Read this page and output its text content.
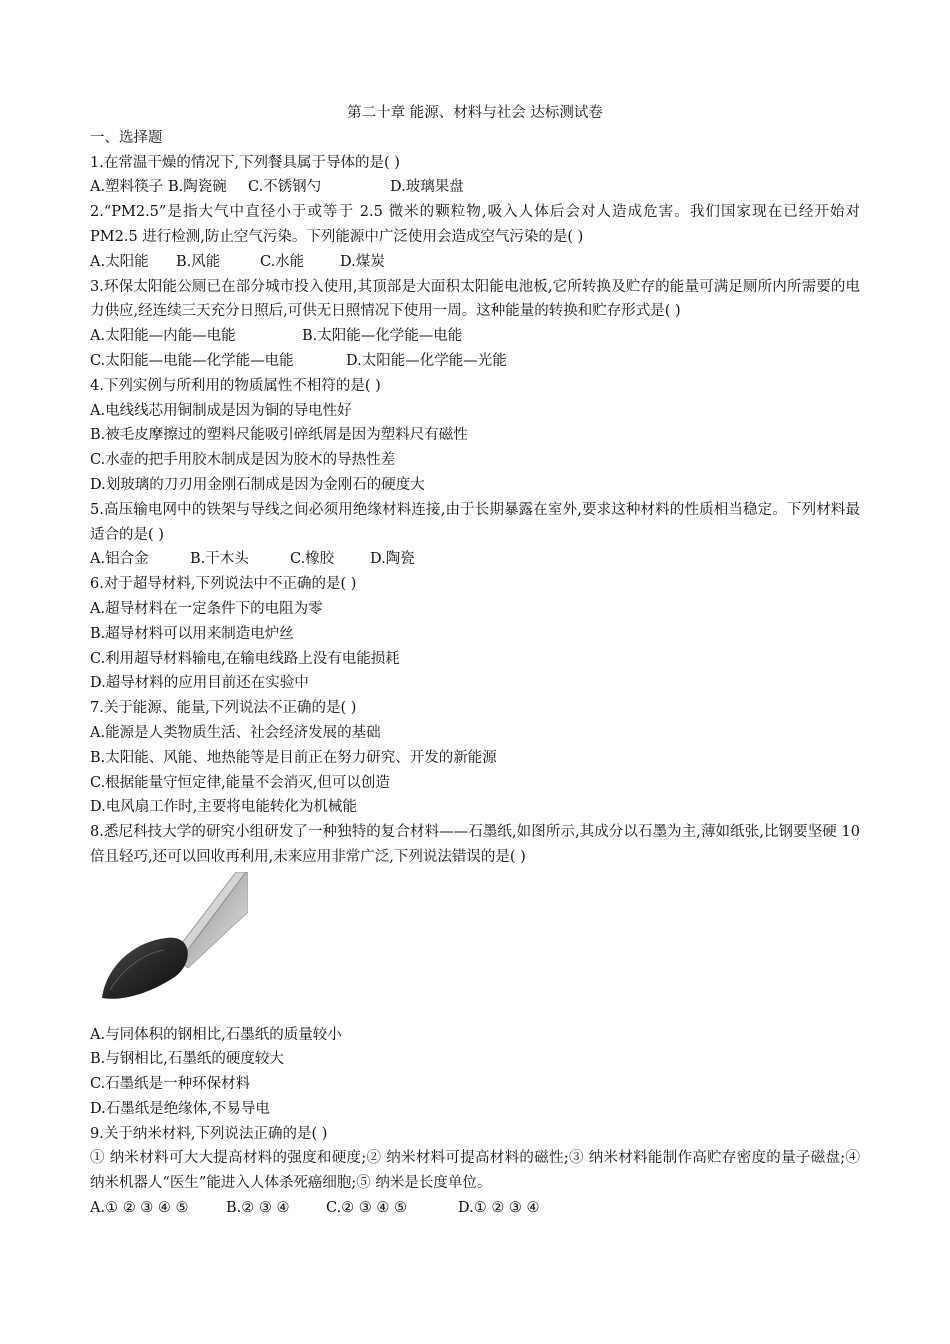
第二十章 能源、材料与社会 达标测试卷
一、选择题
1.在常温干燥的情况下,下列餐具属于导体的是( )
A.塑料筷子 B.陶瓷碗 C.不锈钢勺	D.玻璃果盘
2.“PM2.5”是指大气中直径小于或等于 2.5 微米的颗粒物,吸入人体后会对人造成危害。我们国家现在已经开始对 PM2.5 进行检测,防止空气污染。下列能源中广泛使用会造成空气污染的是( )
A.太阳能 B.风能	C.水能 D.煤炭
3.环保太阳能公厕已在部分城市投入使用,其顶部是大面积太阳能电池板,它所转换及贮存的能量可满足厕所内所需要的电力供应,经连续三天充分日照后,可供无日照情况下使用一周。这种能量的转换和贮存形式是( )
A.太阳能—内能—电能	B.太阳能—化学能—电能
C.太阳能—电能—化学能—电能	D.太阳能—化学能—光能
4.下列实例与所利用的物质属性不相符的是( )
A.电线线芯用铜制成是因为铜的导电性好
B.被毛皮摩擦过的塑料尺能吸引碎纸屑是因为塑料尺有磁性
C.水壶的把手用胶木制成是因为胶木的导热性差
D.划玻璃的刀刃用金刚石制成是因为金刚石的硬度大
5.高压输电网中的铁架与导线之间必须用绝缘材料连接,由于长期暴露在室外,要求这种材料的性质相当稳定。下列材料最适合的是( )
A.铝合金	B.干木头	C.橡胶 D.陶瓷
6.对于超导材料,下列说法中不正确的是( )
A.超导材料在一定条件下的电阻为零
B.超导材料可以用来制造电炉丝
C.利用超导材料输电,在输电线路上没有电能损耗
D.超导材料的应用目前还在实验中
7.关于能源、能量,下列说法不正确的是( )
A.能源是人类物质生活、社会经济发展的基础
B.太阳能、风能、地热能等是目前正在努力研究、开发的新能源
C.根据能量守恒定律,能量不会消灭,但可以创造
D.电风扇工作时,主要将电能转化为机械能
8.悉尼科技大学的研究小组研发了一种独特的复合材料——石墨纸,如图所示,其成分以石墨为主,薄如纸张,比钢要坚硬 10 倍且轻巧,还可以回收再利用,未来应用非常广泛,下列说法错误的是( )
A.与同体积的钢相比,石墨纸的质量较小
B.与钢相比,石墨纸的硬度较大
C.石墨纸是一种环保材料
D.石墨纸是绝缘体,不易导电
9.关于纳米材料,下列说法正确的是( )
① 纳米材料可大大提高材料的强度和硬度;② 纳米材料可提高材料的磁性;③ 纳米材料能制作高贮存密度的量子磁盘;④ 纳米机器人“医生”能进入人体杀死癌细胞;⑤ 纳米是长度单位。
A.① ② ③ ④ ⑤	B.② ③ ④	C.② ③ ④ ⑤	D.① ② ③ ④
